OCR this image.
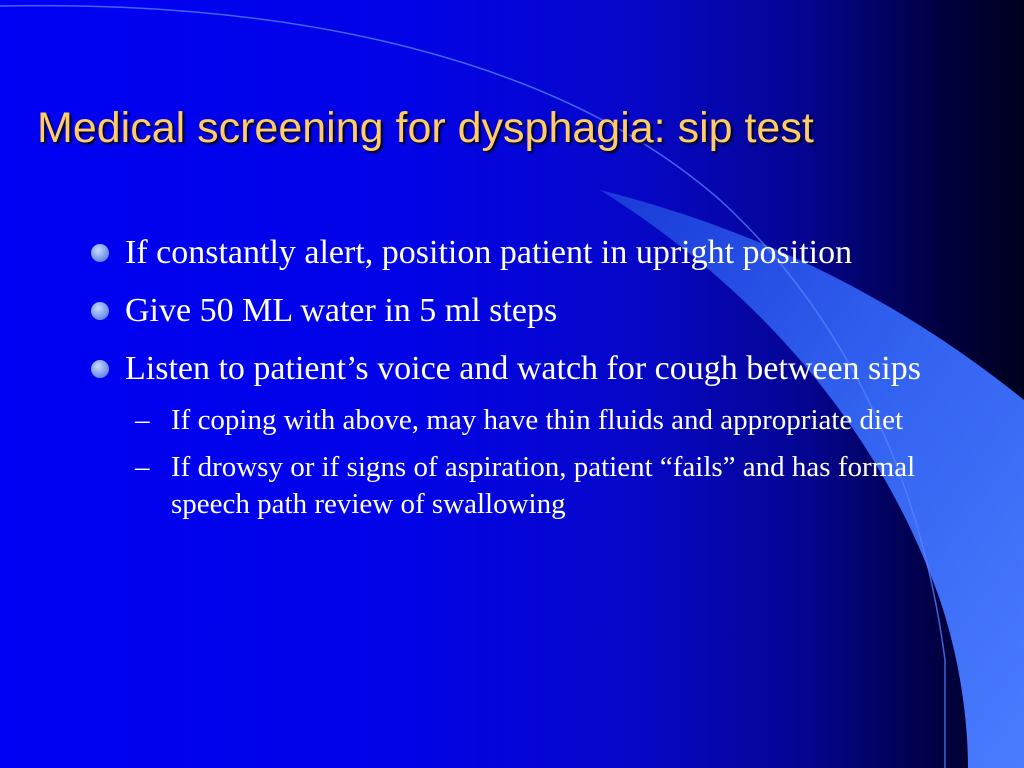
Medical screening for dysphagia: sip test
If constantly alert, position patient in upright position
Give 50 ML water in 5 ml steps
Listen to patient’s voice and watch for cough between sips
– If coping with above, may have thin fluids and appropriate diet
– If drowsy or if signs of aspiration, patient “fails” and has formal speech path review of swallowing
